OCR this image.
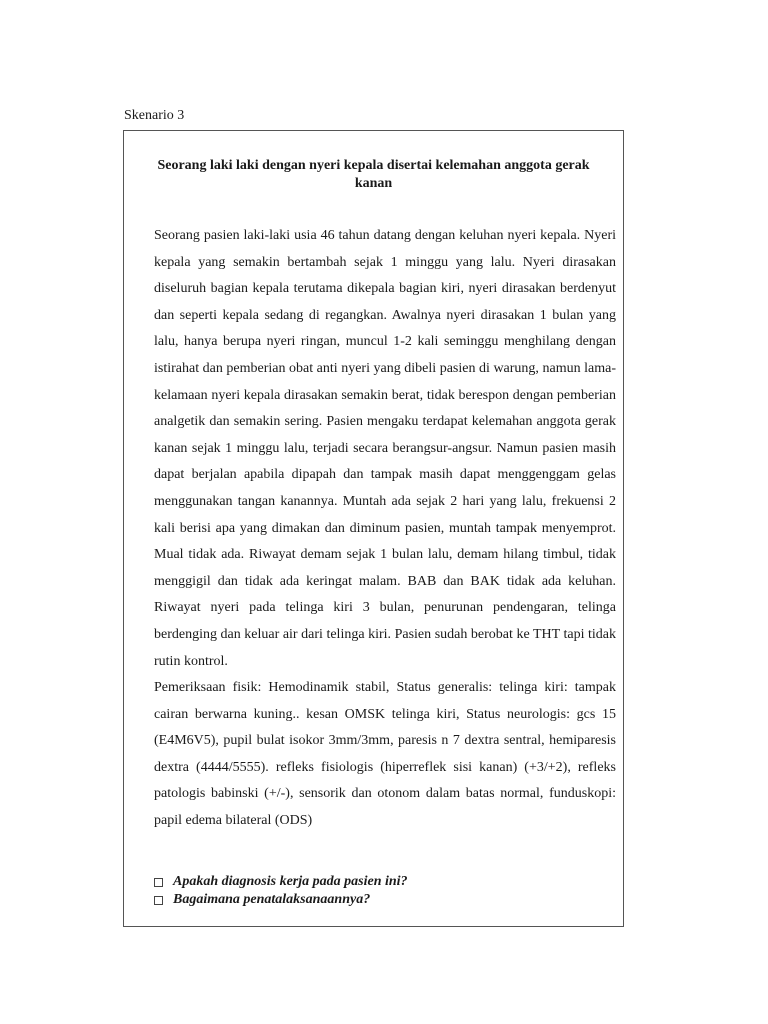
Skenario 3
Seorang laki laki dengan nyeri kepala disertai kelemahan anggota gerak kanan

Seorang pasien laki-laki usia 46 tahun datang dengan keluhan nyeri kepala. Nyeri kepala yang semakin bertambah sejak 1 minggu yang lalu. Nyeri dirasakan diseluruh bagian kepala terutama dikepala bagian kiri, nyeri dirasakan berdenyut dan seperti kepala sedang di regangkan. Awalnya nyeri dirasakan 1 bulan yang lalu, hanya berupa nyeri ringan, muncul 1-2 kali seminggu menghilang dengan istirahat dan pemberian obat anti nyeri yang dibeli pasien di warung, namun lama-kelamaan nyeri kepala dirasakan semakin berat, tidak berespon dengan pemberian analgetik dan semakin sering. Pasien mengaku terdapat kelemahan anggota gerak kanan sejak 1 minggu lalu, terjadi secara berangsur-angsur. Namun pasien masih dapat berjalan apabila dipapah dan tampak masih dapat menggenggam gelas menggunakan tangan kanannya. Muntah ada sejak 2 hari yang lalu, frekuensi 2 kali berisi apa yang dimakan dan diminum pasien, muntah tampak menyemprot. Mual tidak ada. Riwayat demam sejak 1 bulan lalu, demam hilang timbul, tidak menggigil dan tidak ada keringat malam. BAB dan BAK tidak ada keluhan. Riwayat nyeri pada telinga kiri 3 bulan, penurunan pendengaran, telinga berdenging dan keluar air dari telinga kiri. Pasien sudah berobat ke THT tapi tidak rutin kontrol.

Pemeriksaan fisik: Hemodinamik stabil, Status generalis: telinga kiri: tampak cairan berwarna kuning.. kesan OMSK telinga kiri, Status neurologis: gcs 15 (E4M6V5), pupil bulat isokor 3mm/3mm, paresis n 7 dextra sentral, hemiparesis dextra (4444/5555). refleks fisiologis (hiperreflek sisi kanan) (+3/+2), refleks patologis babinski (+/-), sensorik dan otonom dalam batas normal, funduskopi: papil edema bilateral (ODS)

Apakah diagnosis kerja pada pasien ini?
Bagaimana penatalaksanaannya?
